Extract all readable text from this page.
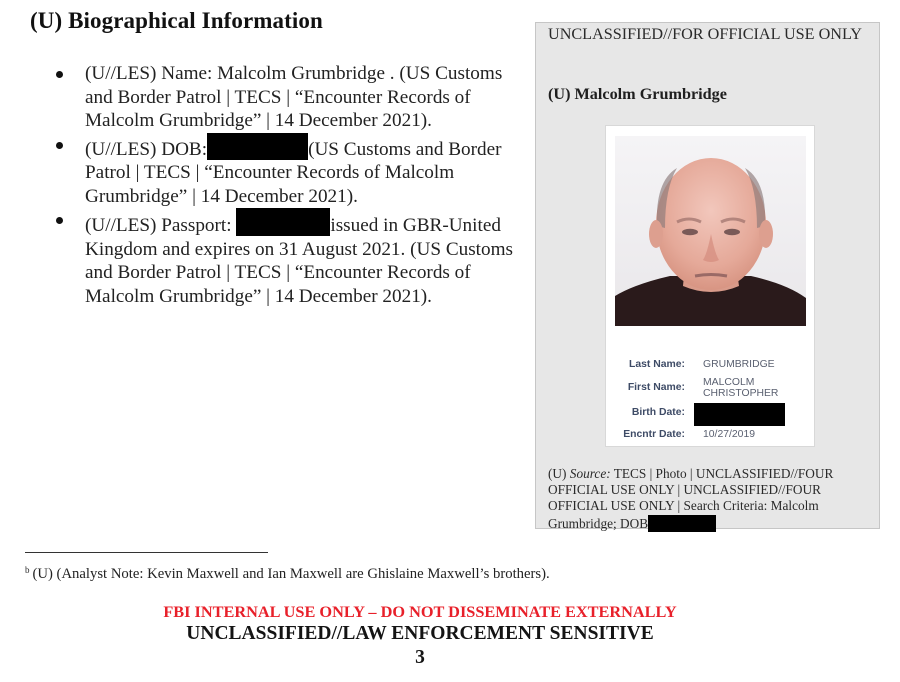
(U) Biographical Information
(U//LES) Name: Malcolm Grumbridge . (US Customs and Border Patrol | TECS | “Encounter Records of Malcolm Grumbridge” | 14 December 2021).
(U//LES) DOB:	(US Customs and Border Patrol | TECS | “Encounter Records of Malcolm Grumbridge” | 14 December 2021).
(U//LES) Passport:	issued in GBR-United Kingdom and expires on 31 August 2021. (US Customs and Border Patrol | TECS | “Encounter Records of Malcolm Grumbridge” | 14 December 2021).
UNCLASSIFIED//FOR OFFICIAL USE ONLY
(U) Malcolm Grumbridge
Last Name: GRUMBRIDGE
First Name: MALCOLM
CHRISTOPHER
Birth Date:
Encntr Date: 10/27/2019
(U) Source: TECS | Photo | UNCLASSIFIED//FOUR OFFICIAL USE ONLY | UNCLASSIFIED//FOUR OFFICIAL USE ONLY | Search Criteria: Malcolm Grumbridge; DOB
$^b$ (U) (Analyst Note: Kevin Maxwell and Ian Maxwell are Ghislaine Maxwell’s brothers).
FBI INTERNAL USE ONLY – DO NOT DISSEMINATE EXTERNALLY
UNCLASSIFIED//LAW ENFORCEMENT SENSITIVE
3
